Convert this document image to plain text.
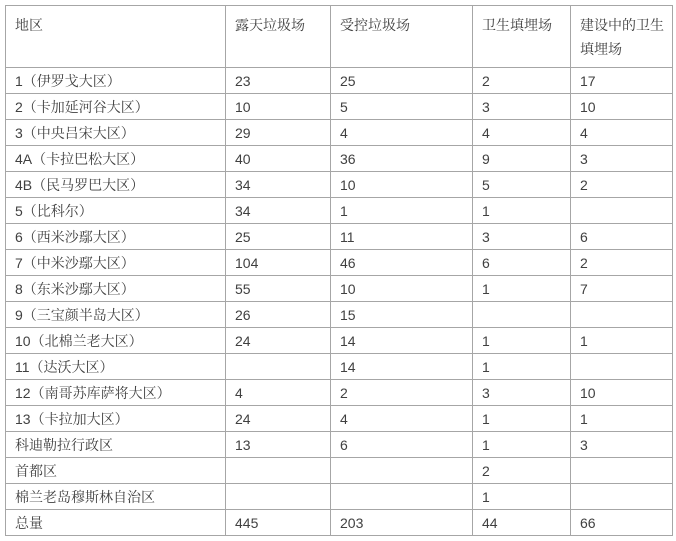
地区	露天垃圾场	受控垃圾场	卫生填埋场	建设中的卫生填埋场
1（伊罗戈大区）	23	25	2	17
2（卡加延河谷大区）	10	5	3	10
3（中央吕宋大区）	29	4	4	4
4A（卡拉巴松大区）	40	36	9	3
4B（民马罗巴大区）	34	10	5	2
5（比科尔）	34	1	1	
6（西米沙鄢大区）	25	11	3	6
7（中米沙鄢大区）	104	46	6	2
8（东米沙鄢大区）	55	10	1	7
9（三宝颜半岛大区）	26	15		
10（北棉兰老大区）	24	14	1	1
11（达沃大区）		14	1	
12（南哥苏库萨将大区）	4	2	3	10
13（卡拉加大区）	24	4	1	1
科迪勒拉行政区	13	6	1	3
首都区			2	
棉兰老岛穆斯林自治区			1	
总量	445	203	44	66
